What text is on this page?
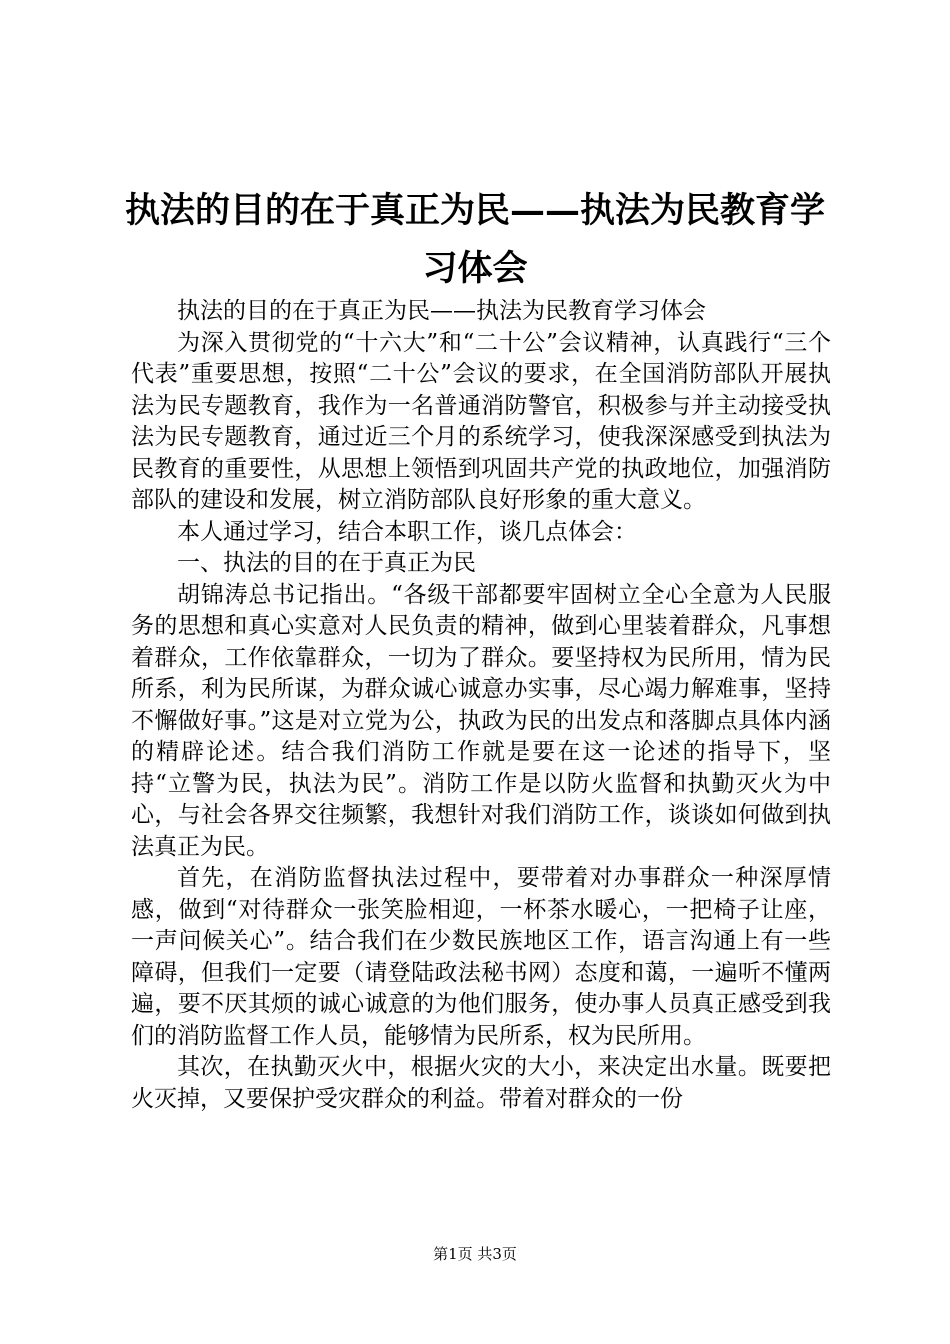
执法的目的在于真正为民——执法为民教育学习体会

执法的目的在于真正为民——执法为民教育学习体会

为深入贯彻党的“十六大”和“二十公”会议精神，认真践行“三个代表”重要思想，按照“二十公”会议的要求，在全国消防部队开展执法为民专题教育，我作为一名普通消防警官，积极参与并主动接受执法为民专题教育，通过近三个月的系统学习，使我深深感受到执法为民教育的重要性，从思想上领悟到巩固共产党的执政地位，加强消防部队的建设和发展，树立消防部队良好形象的重大意义。

本人通过学习，结合本职工作，谈几点体会：

一、执法的目的在于真正为民

胡锦涛总书记指出。“各级干部都要牢固树立全心全意为人民服务的思想和真心实意对人民负责的精神，做到心里装着群众，凡事想着群众，工作依靠群众，一切为了群众。要坚持权为民所用，情为民所系，利为民所谋，为群众诚心诚意办实事，尽心竭力解难事，坚持不懈做好事。”这是对立党为公，执政为民的出发点和落脚点具体内涵的精辟论述。结合我们消防工作就是要在这一论述的指导下，坚持“立警为民，执法为民”。消防工作是以防火监督和执勤灭火为中心，与社会各界交往频繁，我想针对我们消防工作，谈谈如何做到执法真正为民。

首先，在消防监督执法过程中，要带着对办事群众一种深厚情感，做到“对待群众一张笑脸相迎，一杯茶水暖心，一把椅子让座，一声问候关心”。结合我们在少数民族地区工作，语言沟通上有一些障碍，但我们一定要（请登陆政法秘书网）态度和蔼，一遍听不懂两遍，要不厌其烦的诚心诚意的为他们服务，使办事人员真正感受到我们的消防监督工作人员，能够情为民所系，权为民所用。

其次，在执勤灭火中，根据火灾的大小，来决定出水量。既要把火灭掉，又要保护受灾群众的利益。带着对群众的一份

第1页 共3页
